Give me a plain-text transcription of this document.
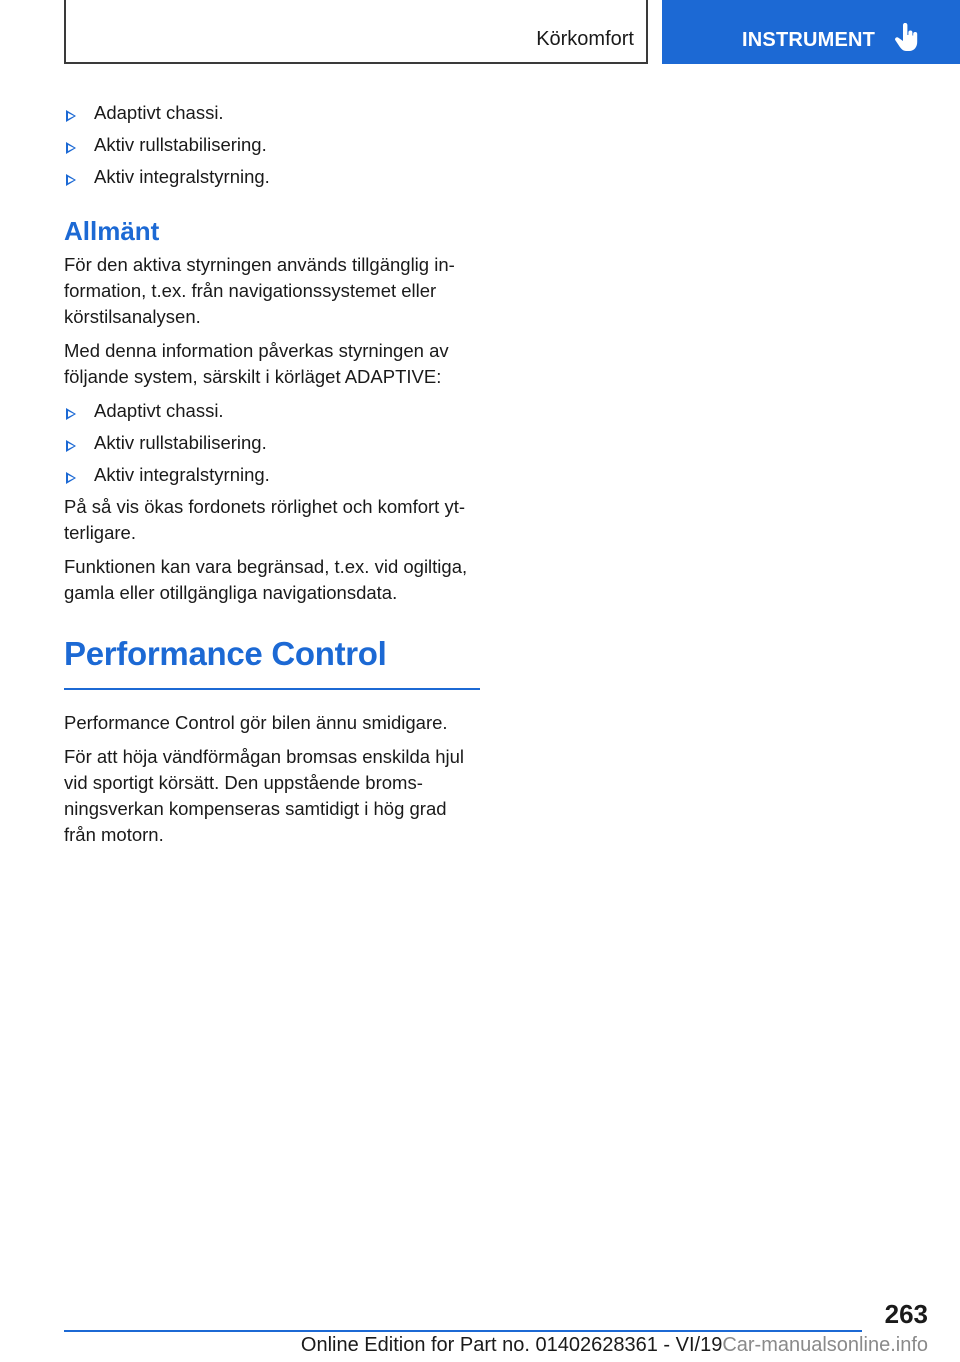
Körkomfort	INSTRUMENT
Adaptivt chassi.
Aktiv rullstabilisering.
Aktiv integralstyrning.
Allmänt

För den aktiva styrningen används tillgänglig information, t.ex. från navigationssystemet eller körstilsanalysen.

Med denna information påverkas styrningen av följande system, särskilt i körläget ADAPTIVE:

Adaptivt chassi.
Aktiv rullstabilisering.
Aktiv integralstyrning.

På så vis ökas fordonets rörlighet och komfort ytterligare.

Funktionen kan vara begränsad, t.ex. vid ogiltiga, gamla eller otillgängliga navigationsdata.

Performance Control

Performance Control gör bilen ännu smidigare.

För att höja vändförmågan bromsas enskilda hjul vid sportigt körsätt. Den uppstående bromsningsverkan kompenseras samtidigt i hög grad från motorn.

263
Online Edition for Part no. 01402628361 - VI/19Car-manualsonline.info
